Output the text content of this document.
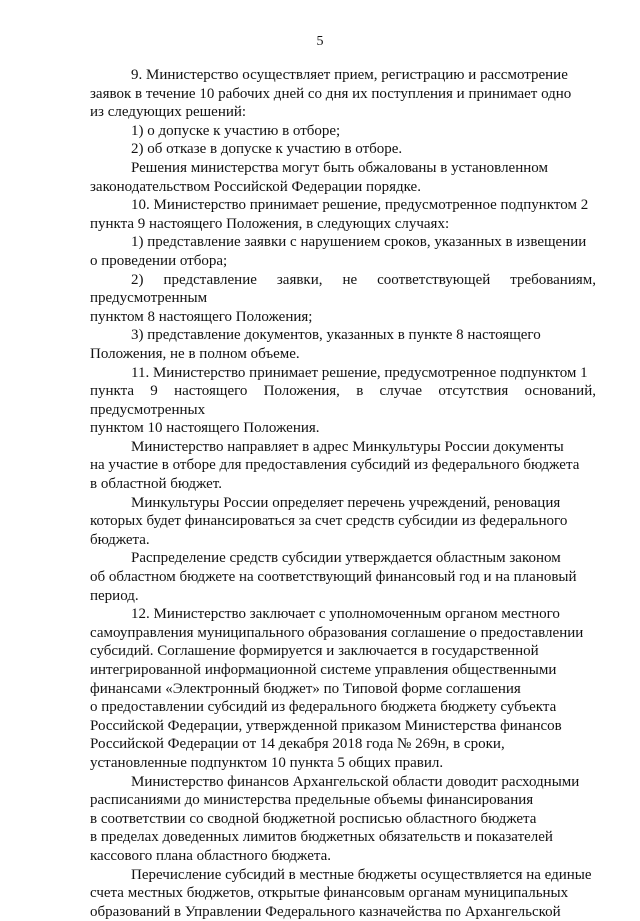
5

9. Министерство осуществляет прием, регистрацию и рассмотрение
заявок в течение 10 рабочих дней со дня их поступления и принимает одно
из следующих решений:

1) о допуске к участию в отборе;

2) об отказе в допуске к участию в отборе.

Решения министерства могут быть обжалованы в установленном
законодательством Российской Федерации порядке.

10. Министерство принимает решение, предусмотренное подпунктом 2
пункта 9 настоящего Положения, в следующих случаях:

1) представление заявки с нарушением сроков, указанных в извещении
о проведении отбора;

2) представление заявки, не соответствующей требованиям, предусмотренным
пунктом 8 настоящего Положения;

3) представление документов, указанных в пункте 8 настоящего
Положения, не в полном объеме.

11. Министерство принимает решение, предусмотренное подпунктом 1
пункта 9 настоящего Положения, в случае отсутствия оснований, предусмотренных
пунктом 10 настоящего Положения.

Министерство направляет в адрес Минкультуры России документы
на участие в отборе для предоставления субсидий из федерального бюджета
в областной бюджет.

Минкультуры России определяет перечень учреждений, реновация
которых будет финансироваться за счет средств субсидии из федерального
бюджета.

Распределение средств субсидии утверждается областным законом
об областном бюджете на соответствующий финансовый год и на плановый
период.

12. Министерство заключает с уполномоченным органом местного
самоуправления муниципального образования соглашение о предоставлении
субсидий. Соглашение формируется и заключается в государственной
интегрированной информационной системе управления общественными
финансами «Электронный бюджет» по Типовой форме соглашения
о предоставлении субсидий из федерального бюджета бюджету субъекта
Российской Федерации, утвержденной приказом Министерства финансов
Российской Федерации от 14 декабря 2018 года № 269н, в сроки,
установленные подпунктом 10 пункта 5 общих правил.

Министерство финансов Архангельской области доводит расходными
расписаниями до министерства предельные объемы финансирования
в соответствии со сводной бюджетной росписью областного бюджета
в пределах доведенных лимитов бюджетных обязательств и показателей
кассового плана областного бюджета.

Перечисление субсидий в местные бюджеты осуществляется на единые
счета местных бюджетов, открытые финансовым органам муниципальных
образований в Управлении Федерального казначейства по Архангельской
